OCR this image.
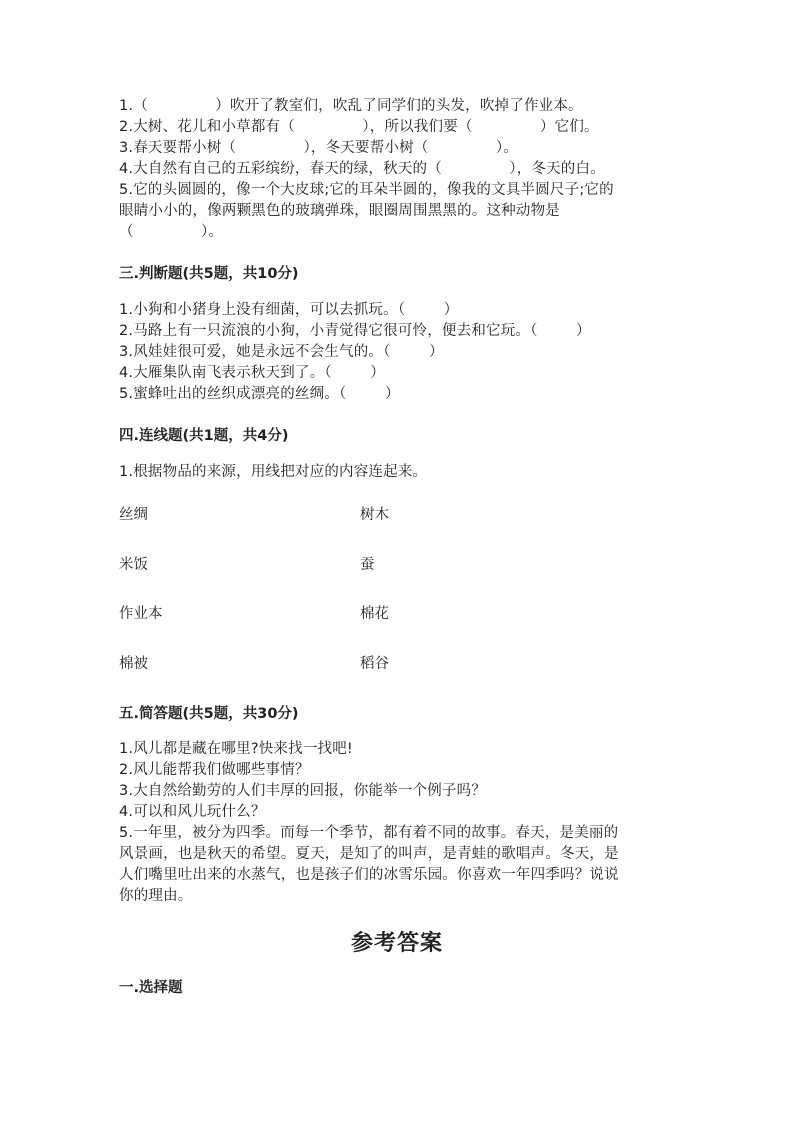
1.（              ）吹开了教室们，吹乱了同学们的头发，吹掉了作业本。
2.大树、花儿和小草都有（              ），所以我们要（              ）它们。
3.春天要帮小树（              ），冬天要帮小树（              ）。
4.大自然有自己的五彩缤纷，春天的绿，秋天的（              ），冬天的白。
5.它的头圆圆的，像一个大皮球;它的耳朵半圆的，像我的文具半圆尺子;它的
眼睛小小的，像两颗黑色的玻璃弹珠，眼圈周围黑黑的。这种动物是
（              ）。
三.判断题(共5题，共10分)
1.小狗和小猪身上没有细菌，可以去抓玩。（        ）
2.马路上有一只流浪的小狗，小青觉得它很可怜，便去和它玩。（        ）
3.风娃娃很可爱，她是永远不会生气的。（        ）
4.大雁集队南飞表示秋天到了。（        ）
5.蜜蜂吐出的丝织成漂亮的丝绸。（        ）
四.连线题(共1题，共4分)
1.根据物品的来源，用线把对应的内容连起来。
丝绸	树木
米饭	蚕
作业本	棉花
棉被	稻谷
五.简答题(共5题，共30分)
1.风儿都是藏在哪里?快来找一找吧!
2.风儿能帮我们做哪些事情？
3.大自然给勤劳的人们丰厚的回报，你能举一个例子吗？
4.可以和风儿玩什么？
5.一年里，被分为四季。而每一个季节，都有着不同的故事。春天，是美丽的
风景画，也是秋天的希望。夏天，是知了的叫声，是青蛙的歌唱声。冬天，是
人们嘴里吐出来的水蒸气，也是孩子们的冰雪乐园。你喜欢一年四季吗？说说
你的理由。
参考答案
一.选择题
